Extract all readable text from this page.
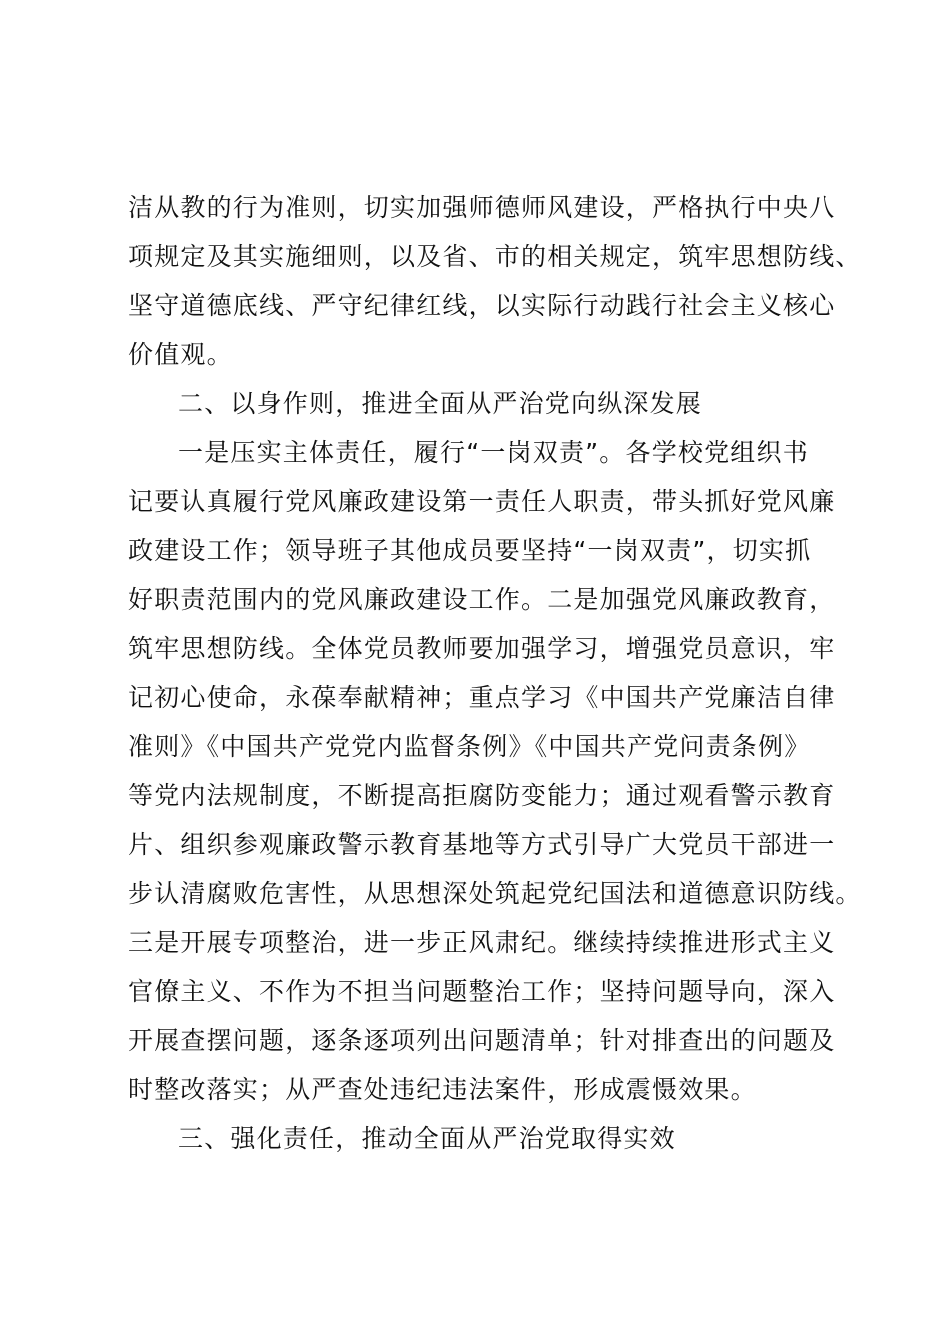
洁从教的行为准则，切实加强师德师风建设，严格执行中央八
项规定及其实施细则，以及省、市的相关规定，筑牢思想防线、
坚守道德底线、严守纪律红线，以实际行动践行社会主义核心
价值观。
二、以身作则，推进全面从严治党向纵深发展
一是压实主体责任，履行“一岗双责”。各学校党组织书
记要认真履行党风廉政建设第一责任人职责，带头抓好党风廉
政建设工作；领导班子其他成员要坚持“一岗双责”，切实抓
好职责范围内的党风廉政建设工作。二是加强党风廉政教育，
筑牢思想防线。全体党员教师要加强学习，增强党员意识，牢
记初心使命，永葆奉献精神；重点学习《中国共产党廉洁自律
准则》《中国共产党党内监督条例》《中国共产党问责条例》
等党内法规制度，不断提高拒腐防变能力；通过观看警示教育
片、组织参观廉政警示教育基地等方式引导广大党员干部进一
步认清腐败危害性，从思想深处筑起党纪国法和道德意识防线。
三是开展专项整治，进一步正风肃纪。继续持续推进形式主义
官僚主义、不作为不担当问题整治工作；坚持问题导向，深入
开展查摆问题，逐条逐项列出问题清单；针对排查出的问题及
时整改落实；从严查处违纪违法案件，形成震慑效果。
三、强化责任，推动全面从严治党取得实效
